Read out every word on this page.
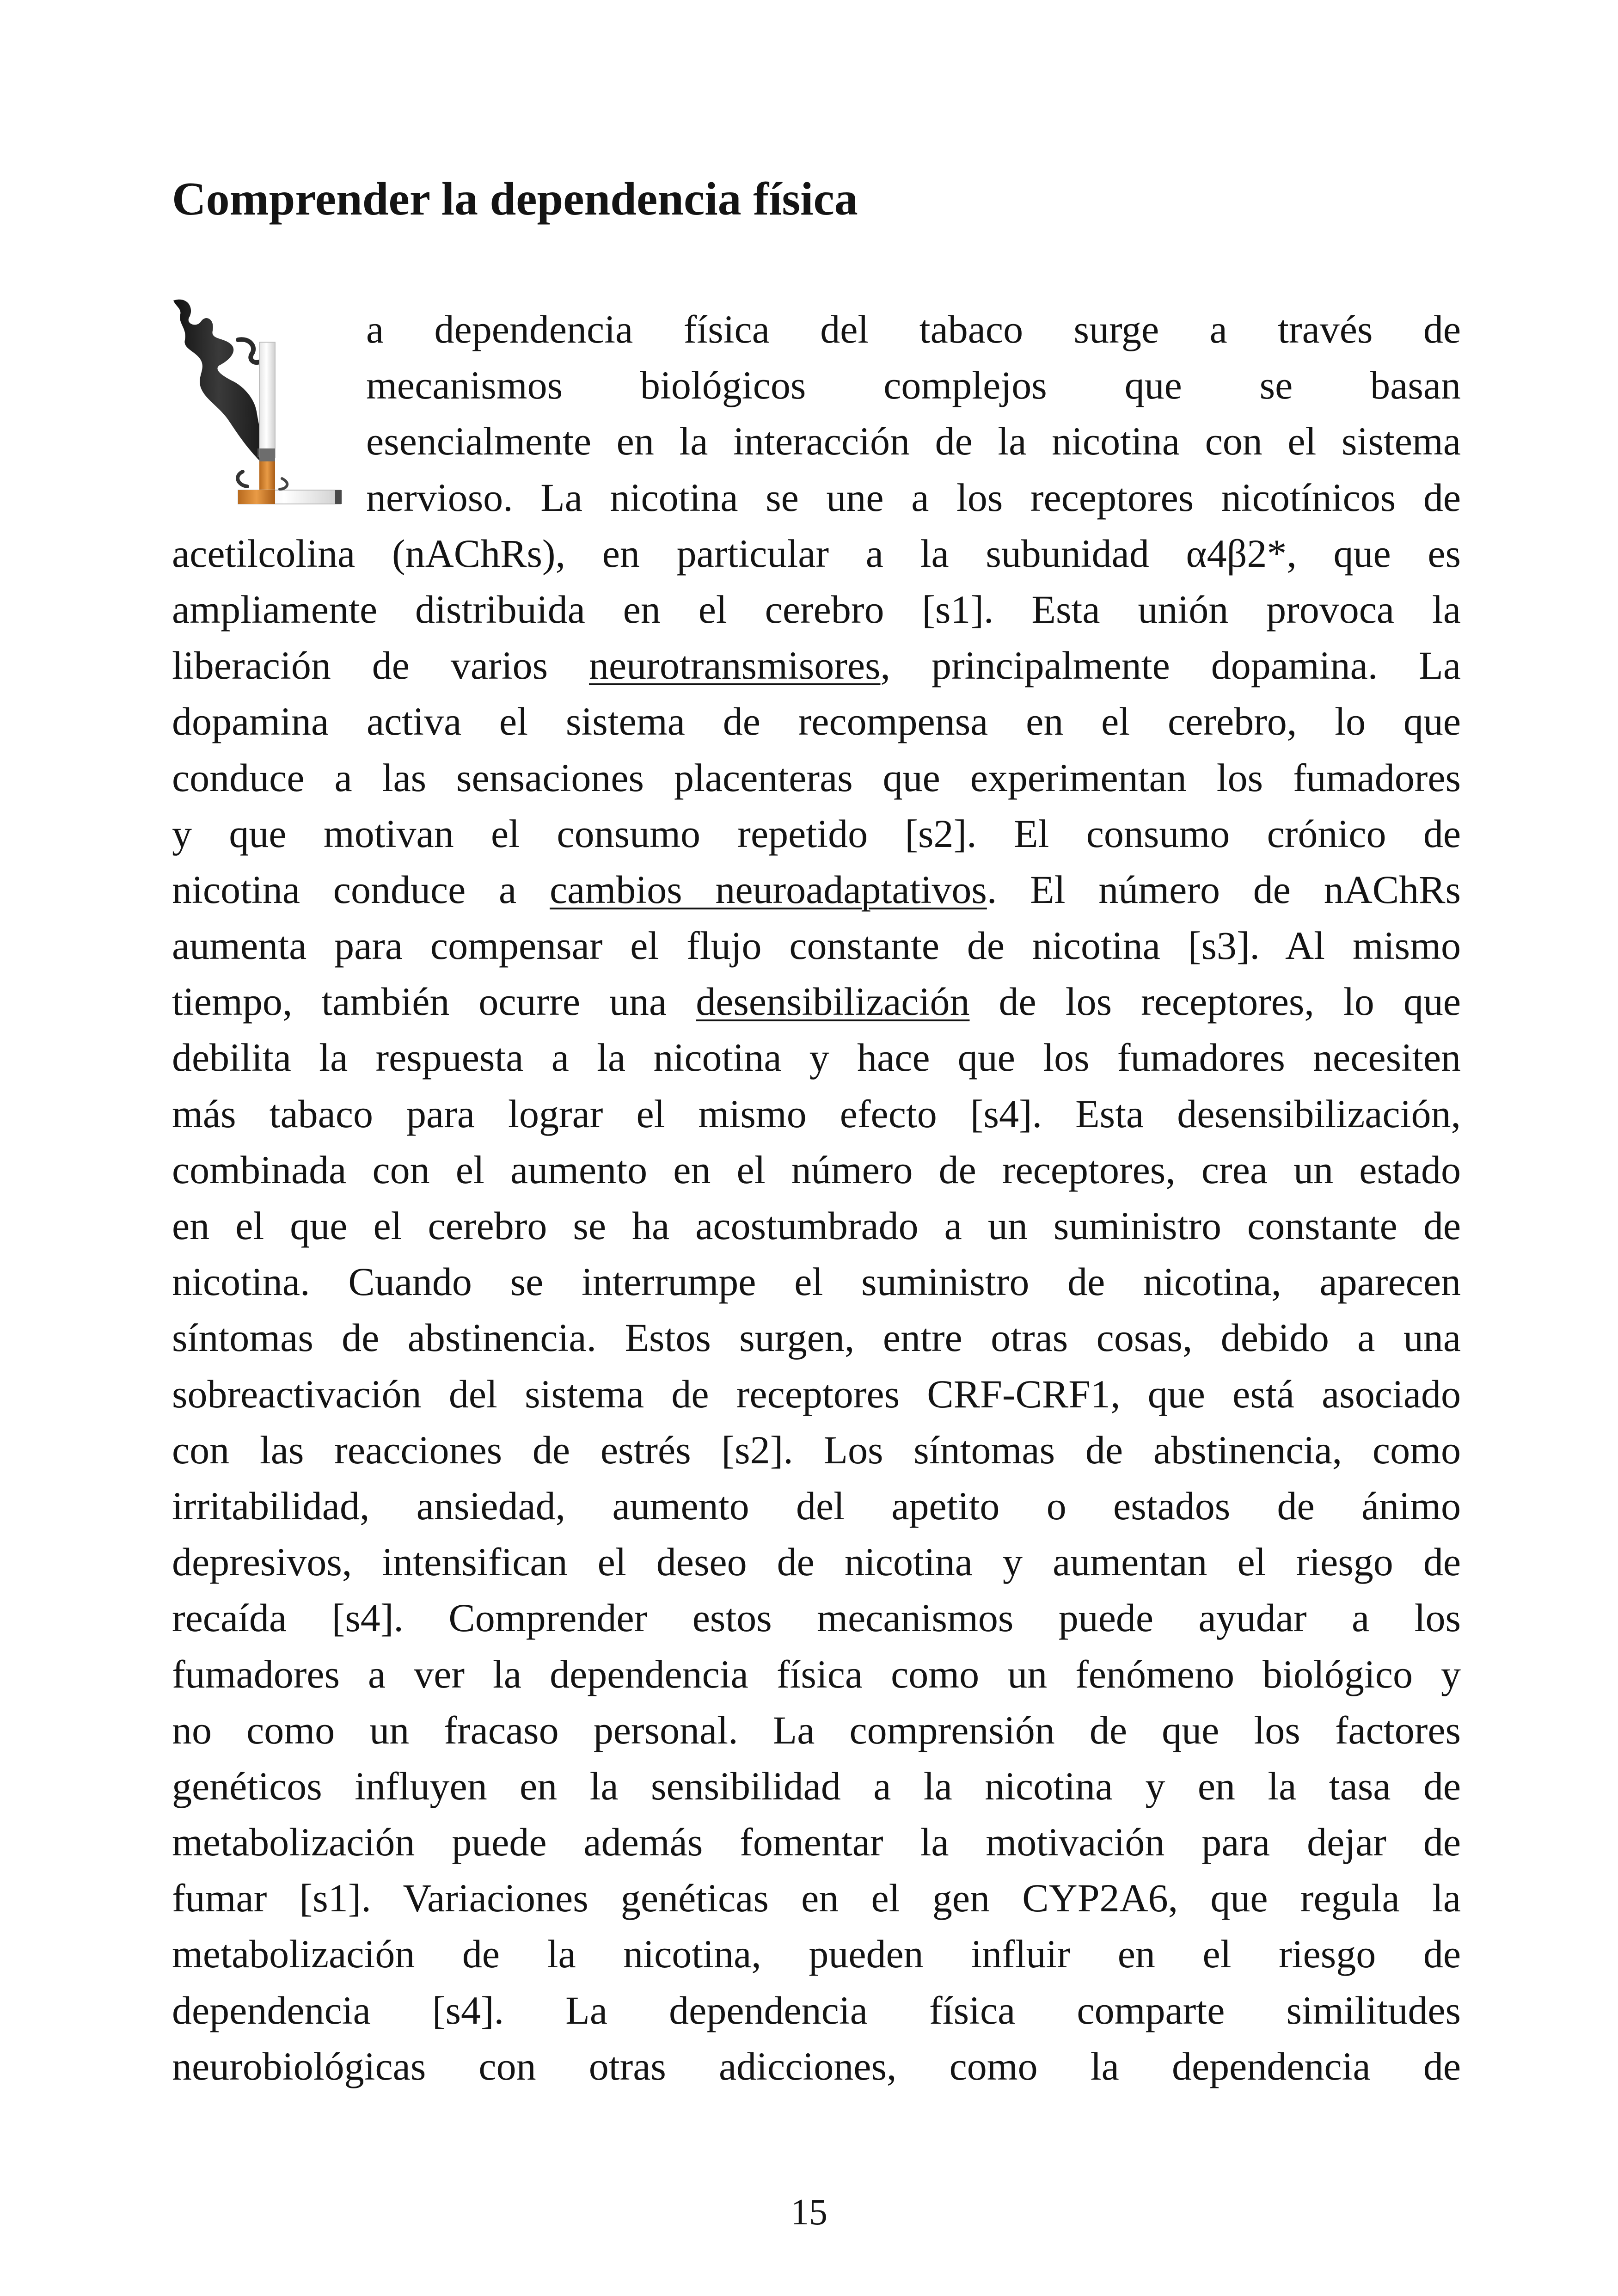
Comprender la dependencia física
a dependencia física del tabaco surge a través de
mecanismos biológicos complejos que se basan
esencialmente en la interacción de la nicotina con el sistema
nervioso. La nicotina se une a los receptores nicotínicos de
acetilcolina (nAChRs), en particular a la subunidad α4β2*, que es
ampliamente distribuida en el cerebro [s1]. Esta unión provoca la
liberación de varios neurotransmisores, principalmente dopamina. La
dopamina activa el sistema de recompensa en el cerebro, lo que
conduce a las sensaciones placenteras que experimentan los fumadores
y que motivan el consumo repetido [s2]. El consumo crónico de
nicotina conduce a cambios neuroadaptativos. El número de nAChRs
aumenta para compensar el flujo constante de nicotina [s3]. Al mismo
tiempo, también ocurre una desensibilización de los receptores, lo que
debilita la respuesta a la nicotina y hace que los fumadores necesiten
más tabaco para lograr el mismo efecto [s4]. Esta desensibilización,
combinada con el aumento en el número de receptores, crea un estado
en el que el cerebro se ha acostumbrado a un suministro constante de
nicotina. Cuando se interrumpe el suministro de nicotina, aparecen
síntomas de abstinencia. Estos surgen, entre otras cosas, debido a una
sobreactivación del sistema de receptores CRF-CRF1, que está asociado
con las reacciones de estrés [s2]. Los síntomas de abstinencia, como
irritabilidad, ansiedad, aumento del apetito o estados de ánimo
depresivos, intensifican el deseo de nicotina y aumentan el riesgo de
recaída [s4]. Comprender estos mecanismos puede ayudar a los
fumadores a ver la dependencia física como un fenómeno biológico y
no como un fracaso personal. La comprensión de que los factores
genéticos influyen en la sensibilidad a la nicotina y en la tasa de
metabolización puede además fomentar la motivación para dejar de
fumar [s1]. Variaciones genéticas en el gen CYP2A6, que regula la
metabolización de la nicotina, pueden influir en el riesgo de
dependencia [s4]. La dependencia física comparte similitudes
neurobiológicas con otras adicciones, como la dependencia de
15
